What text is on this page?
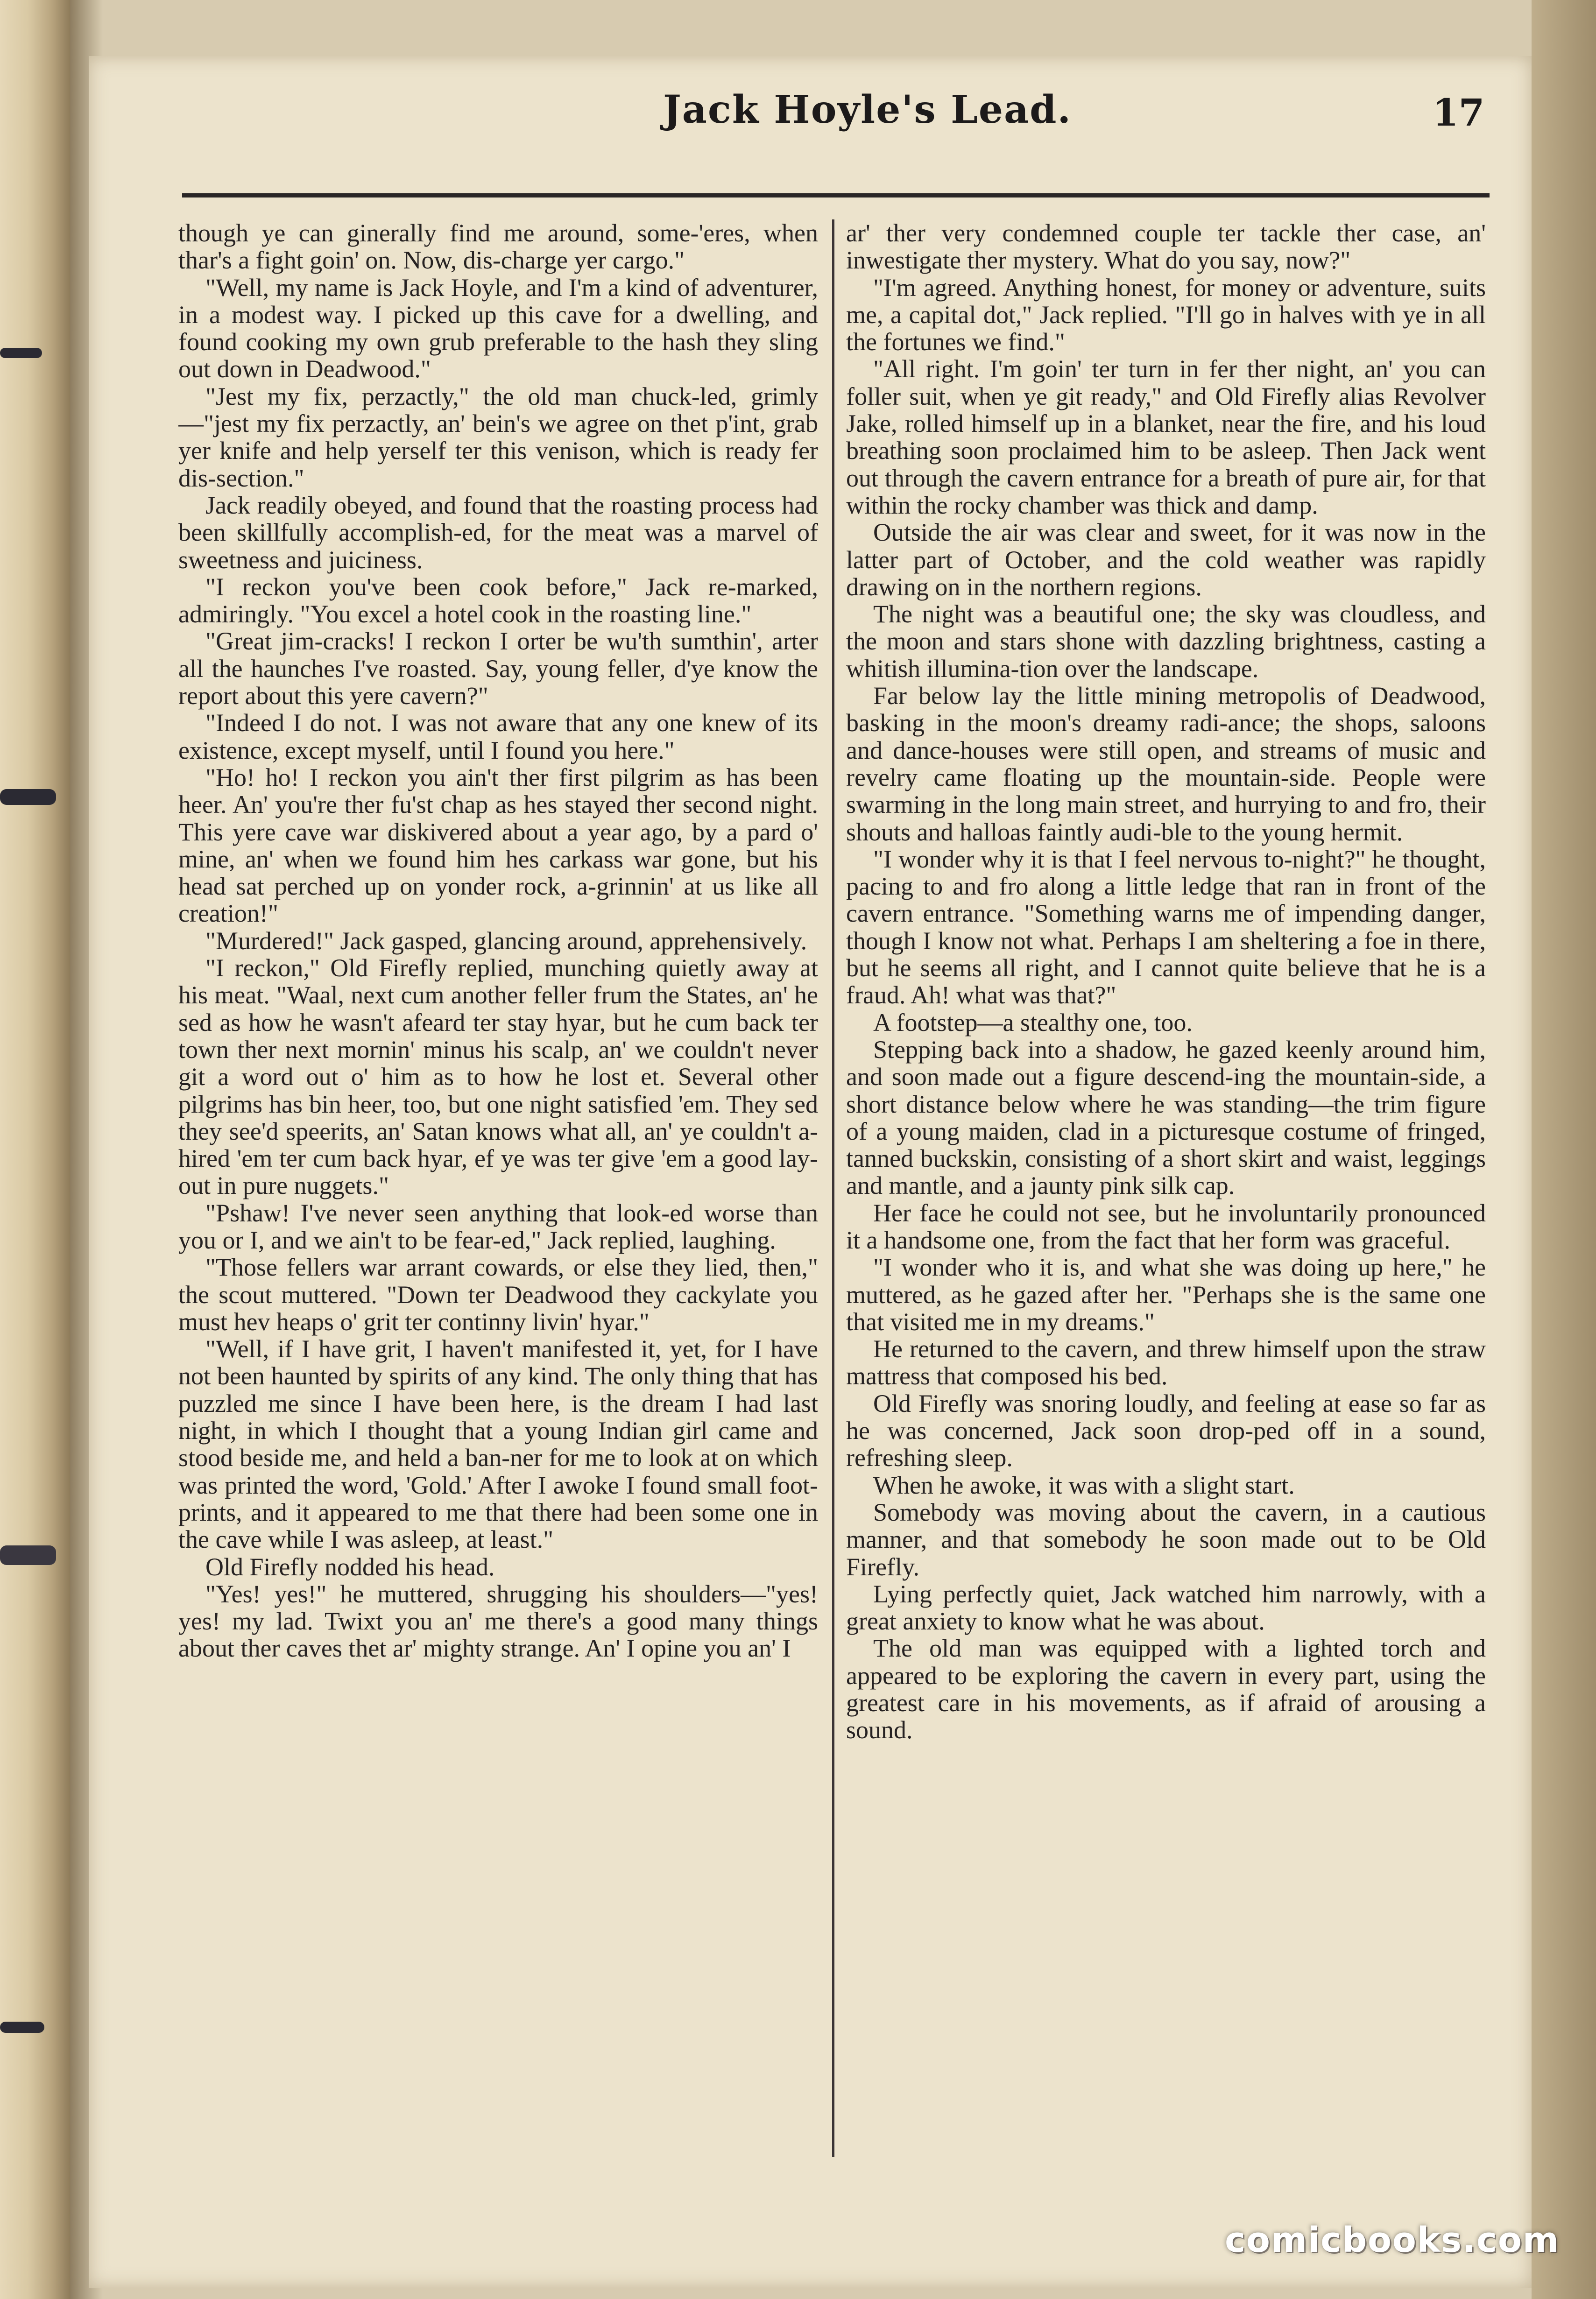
Jack Hoyle's Lead.	17

though ye can ginerally find me around, some-'eres, when thar's a fight goin' on. Now, dis-charge yer cargo."

"Well, my name is Jack Hoyle, and I'm a kind of adventurer, in a modest way. I picked up this cave for a dwelling, and found cooking my own grub preferable to the hash they sling out down in Deadwood."

"Jest my fix, perzactly," the old man chuck-led, grimly—"jest my fix perzactly, an' bein's we agree on thet p'int, grab yer knife and help yerself ter this venison, which is ready fer dis-section."

Jack readily obeyed, and found that the roasting process had been skillfully accomplish-ed, for the meat was a marvel of sweetness and juiciness.

"I reckon you've been cook before," Jack re-marked, admiringly. "You excel a hotel cook in the roasting line."

"Great jim-cracks! I reckon I orter be wu'th sumthin', arter all the haunches I've roasted. Say, young feller, d'ye know the report about this yere cavern?"

"Indeed I do not. I was not aware that any one knew of its existence, except myself, until I found you here."

"Ho! ho! I reckon you ain't ther first pilgrim as has been heer. An' you're ther fu'st chap as hes stayed ther second night. This yere cave war diskivered about a year ago, by a pard o' mine, an' when we found him hes carkass war gone, but his head sat perched up on yonder rock, a-grinnin' at us like all creation!"

"Murdered!" Jack gasped, glancing around, apprehensively.

"I reckon," Old Firefly replied, munching quietly away at his meat. "Waal, next cum another feller frum the States, an' he sed as how he wasn't afeard ter stay hyar, but he cum back ter town ther next mornin' minus his scalp, an' we couldn't never git a word out o' him as to how he lost et. Several other pilgrims has bin heer, too, but one night satisfied 'em. They sed they see'd speerits, an' Satan knows what all, an' ye couldn't a-hired 'em ter cum back hyar, ef ye was ter give 'em a good lay-out in pure nuggets."

"Pshaw! I've never seen anything that look-ed worse than you or I, and we ain't to be fear-ed," Jack replied, laughing.

"Those fellers war arrant cowards, or else they lied, then," the scout muttered. "Down ter Deadwood they cackylate you must hev heaps o' grit ter continny livin' hyar."

"Well, if I have grit, I haven't manifested it, yet, for I have not been haunted by spirits of any kind. The only thing that has puzzled me since I have been here, is the dream I had last night, in which I thought that a young Indian girl came and stood beside me, and held a ban-ner for me to look at on which was printed the word, 'Gold.' After I awoke I found small foot-prints, and it appeared to me that there had been some one in the cave while I was asleep, at least."

Old Firefly nodded his head.

"Yes! yes!" he muttered, shrugging his shoulders—"yes! yes! my lad. Twixt you an' me there's a good many things about ther caves thet ar' mighty strange. An' I opine you an' I

ar' ther very condemned couple ter tackle ther case, an' inwestigate ther mystery. What do you say, now?"

"I'm agreed. Anything honest, for money or adventure, suits me, a capital dot," Jack replied. "I'll go in halves with ye in all the fortunes we find."

"All right. I'm goin' ter turn in fer ther night, an' you can foller suit, when ye git ready," and Old Firefly alias Revolver Jake, rolled himself up in a blanket, near the fire, and his loud breathing soon proclaimed him to be asleep. Then Jack went out through the cavern entrance for a breath of pure air, for that within the rocky chamber was thick and damp.

Outside the air was clear and sweet, for it was now in the latter part of October, and the cold weather was rapidly drawing on in the northern regions.

The night was a beautiful one; the sky was cloudless, and the moon and stars shone with dazzling brightness, casting a whitish illumina-tion over the landscape.

Far below lay the little mining metropolis of Deadwood, basking in the moon's dreamy radi-ance; the shops, saloons and dance-houses were still open, and streams of music and revelry came floating up the mountain-side. People were swarming in the long main street, and hurrying to and fro, their shouts and halloas faintly audi-ble to the young hermit.

"I wonder why it is that I feel nervous to-night?" he thought, pacing to and fro along a little ledge that ran in front of the cavern entrance. "Something warns me of impending danger, though I know not what. Perhaps I am sheltering a foe in there, but he seems all right, and I cannot quite believe that he is a fraud. Ah! what was that?"

A footstep—a stealthy one, too.

Stepping back into a shadow, he gazed keenly around him, and soon made out a figure descend-ing the mountain-side, a short distance below where he was standing—the trim figure of a young maiden, clad in a picturesque costume of fringed, tanned buckskin, consisting of a short skirt and waist, leggings and mantle, and a jaunty pink silk cap.

Her face he could not see, but he involuntarily pronounced it a handsome one, from the fact that her form was graceful.

"I wonder who it is, and what she was doing up here," he muttered, as he gazed after her. "Perhaps she is the same one that visited me in my dreams."

He returned to the cavern, and threw himself upon the straw mattress that composed his bed.

Old Firefly was snoring loudly, and feeling at ease so far as he was concerned, Jack soon drop-ped off in a sound, refreshing sleep.

When he awoke, it was with a slight start.

Somebody was moving about the cavern, in a cautious manner, and that somebody he soon made out to be Old Firefly.

Lying perfectly quiet, Jack watched him narrowly, with a great anxiety to know what he was about.

The old man was equipped with a lighted torch and appeared to be exploring the cavern in every part, using the greatest care in his movements, as if afraid of arousing a sound.

comicbooks.com
